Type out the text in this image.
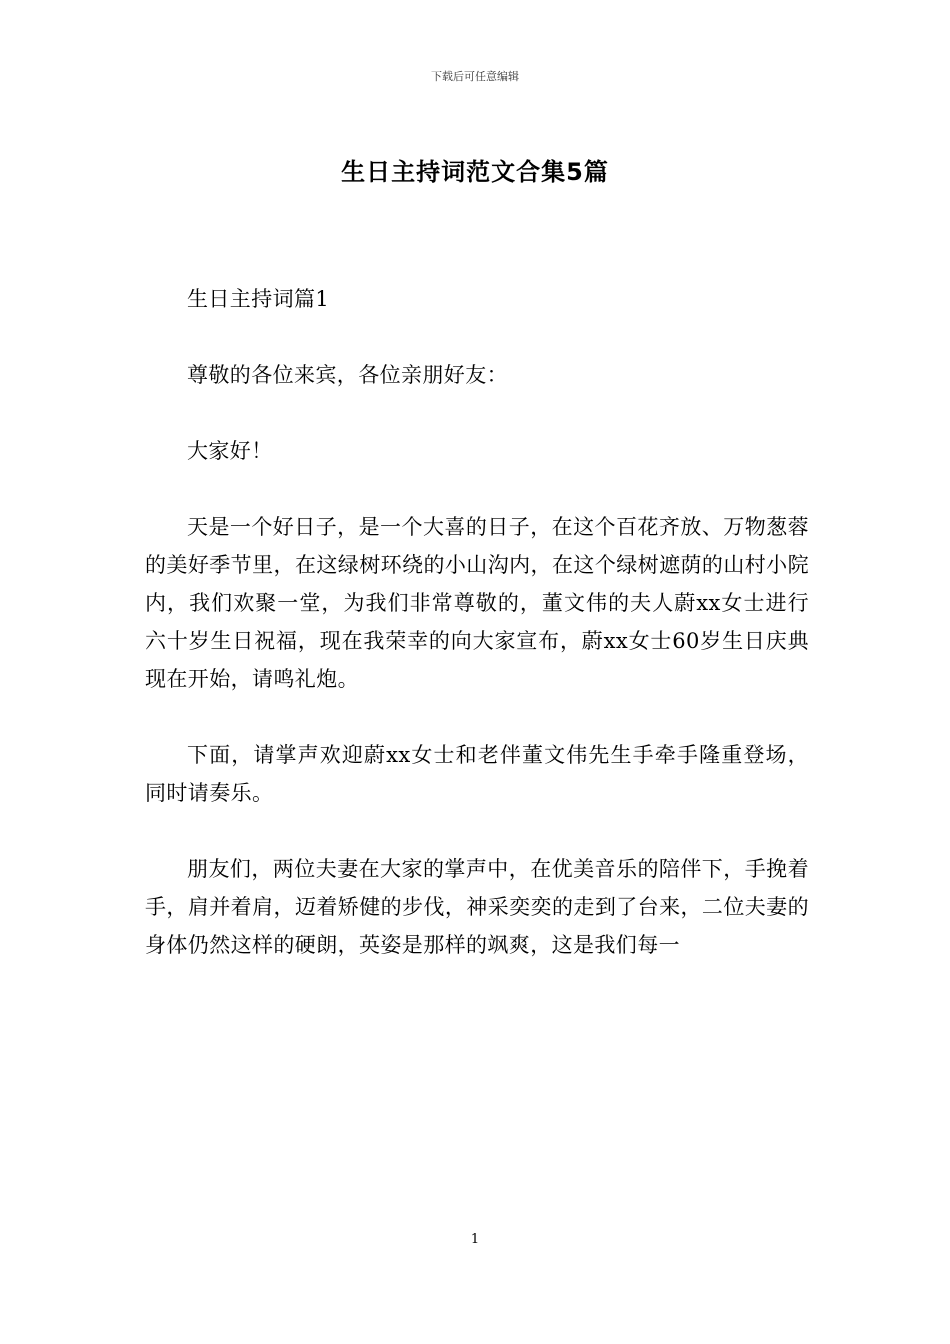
下载后可任意编辑
生日主持词范文合集5篇

生日主持词篇1

尊敬的各位来宾，各位亲朋好友：

大家好！

天是一个好日子，是一个大喜的日子，在这个百花齐放、万物葱蓉的美好季节里，在这绿树环绕的小山沟内，在这个绿树遮荫的山村小院内，我们欢聚一堂，为我们非常尊敬的，董文伟的夫人蔚xx女士进行六十岁生日祝福，现在我荣幸的向大家宣布，蔚xx女士60岁生日庆典现在开始，请鸣礼炮。

下面，请掌声欢迎蔚xx女士和老伴董文伟先生手牵手隆重登场，同时请奏乐。

朋友们，两位夫妻在大家的掌声中，在优美音乐的陪伴下，手挽着手，肩并着肩，迈着矫健的步伐，神采奕奕的走到了台来，二位夫妻的身体仍然这样的硬朗，英姿是那样的飒爽，这是我们每一

1
